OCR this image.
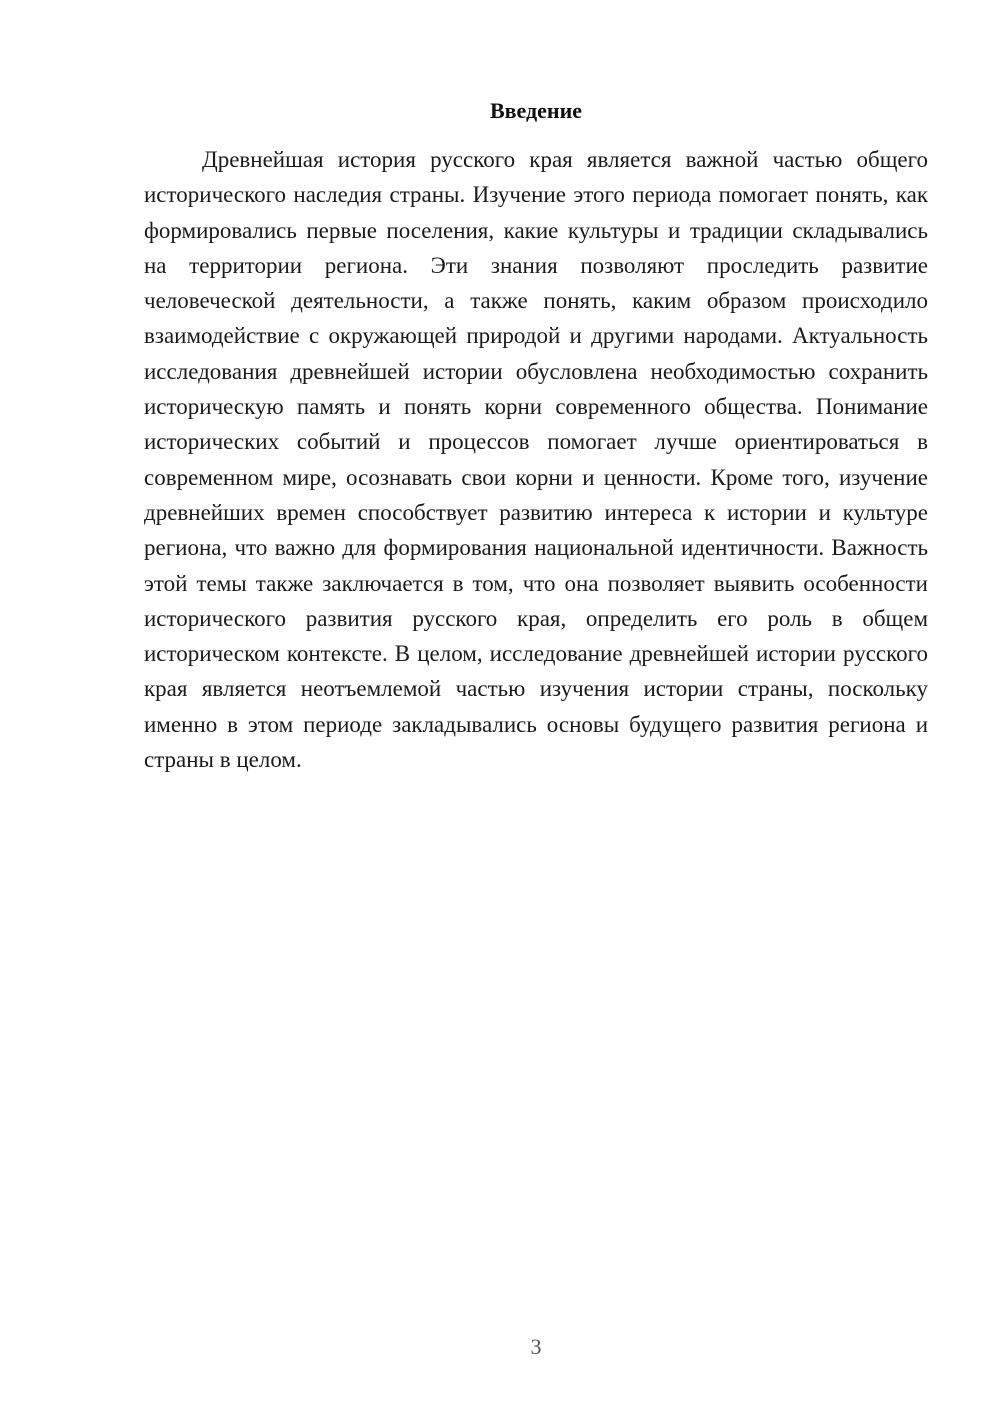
Введение

Древнейшая история русского края является важной частью общего исторического наследия страны. Изучение этого периода помогает понять, как формировались первые поселения, какие культуры и традиции складывались на территории региона. Эти знания позволяют проследить развитие человеческой деятельности, а также понять, каким образом происходило взаимодействие с окружающей природой и другими народами. Актуальность исследования древнейшей истории обусловлена необходимостью сохранить историческую память и понять корни современного общества. Понимание исторических событий и процессов помогает лучше ориентироваться в современном мире, осознавать свои корни и ценности. Кроме того, изучение древнейших времен способствует развитию интереса к истории и культуре региона, что важно для формирования национальной идентичности. Важность этой темы также заключается в том, что она позволяет выявить особенности исторического развития русского края, определить его роль в общем историческом контексте. В целом, исследование древнейшей истории русского края является неотъемлемой частью изучения истории страны, поскольку именно в этом периоде закладывались основы будущего развития региона и страны в целом.

3
